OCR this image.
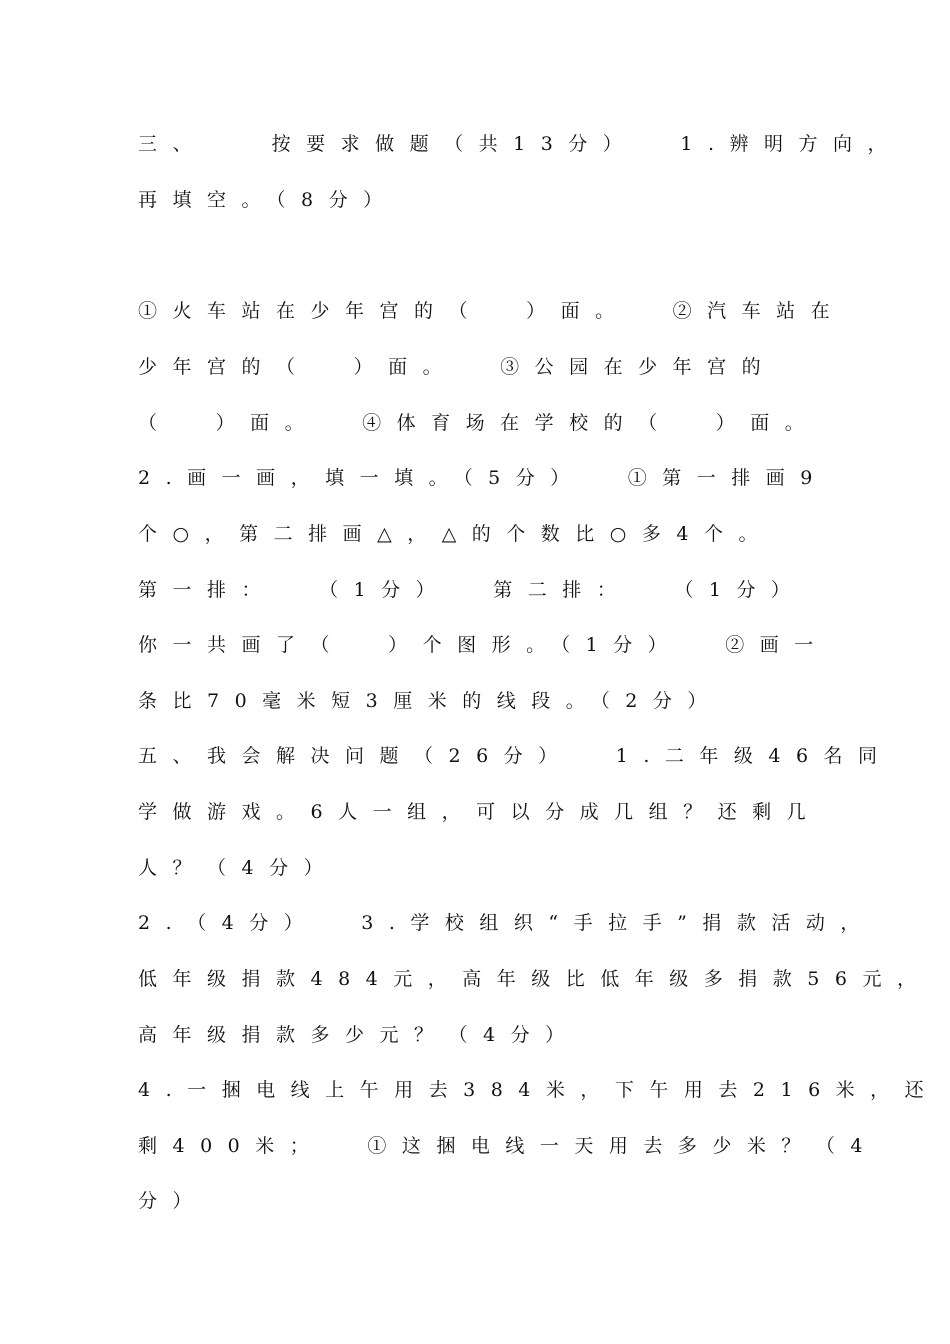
三、   按要求做题（共13分）  1.辨明方向，
再填空。（8分）
①火车站在少年宫的（  ）面。  ②汽车站在
少年宫的（  ）面。  ③公园在少年宫的
（  ）面。  ④体育场在学校的（  ）面。
2.画一画，填一填。（5分）  ①第一排画9
个○，第二排画△，△的个数比○多4个。
第一排：  （1分）  第二排：  （1分）
你一共画了（  ）个图形。（1分）  ②画一
条比70毫米短3厘米的线段。（2分）
五、我会解决问题（26分）  1.二年级46名同
学做游戏。6人一组，可以分成几组？还剩几
人？（4分）
2.（4分）  3.学校组织“手拉手”捐款活动，
低年级捐款484元，高年级比低年级多捐款56元，
高年级捐款多少元？（4分）
4.一捆电线上午用去384米，下午用去216米，还
剩400米；  ①这捆电线一天用去多少米？（4
分）
